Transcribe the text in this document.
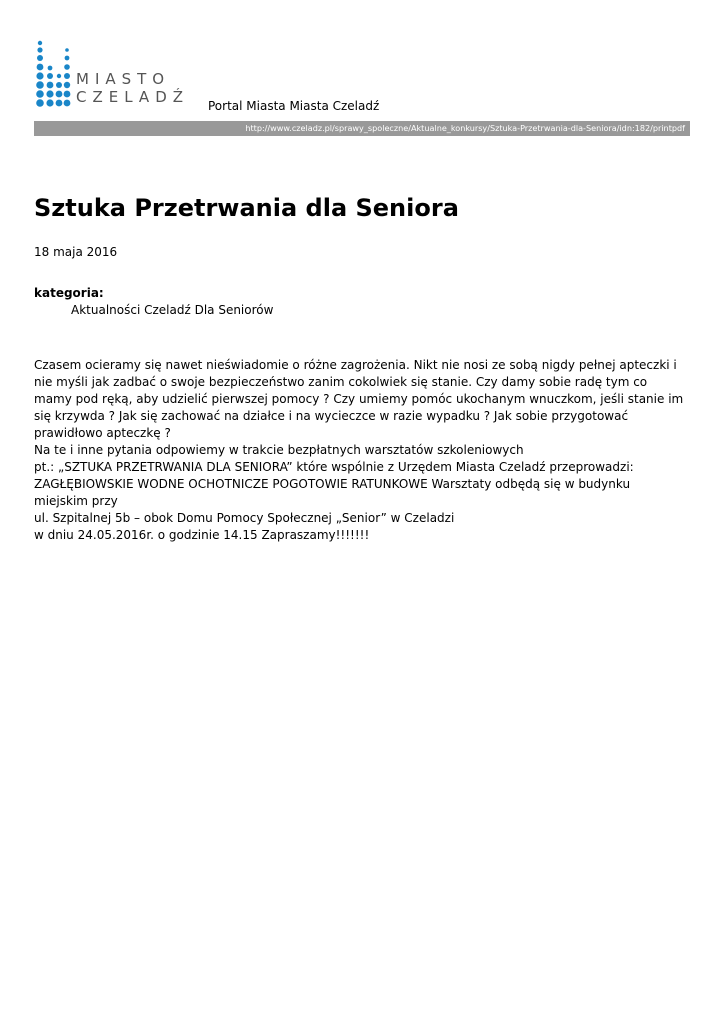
MIASTO
CZELADŹ Portal Miasta Miasta Czeladź
http://www.czeladz.pl/sprawy_spoleczne/Aktualne_konkursy/Sztuka-Przetrwania-dla-Seniora/idn:182/printpdf
Sztuka Przetrwania dla Seniora
18 maja 2016
kategoria:
Aktualności Czeladź Dla Seniorów
Czasem ocieramy się nawet nieświadomie o różne zagrożenia. Nikt nie nosi ze sobą nigdy pełnej apteczki i
nie myśli jak zadbać o swoje bezpieczeństwo zanim cokolwiek się stanie. Czy damy sobie radę tym co
mamy pod ręką, aby udzielić pierwszej pomocy ? Czy umiemy pomóc ukochanym wnuczkom, jeśli stanie im
się krzywda ? Jak się zachować na działce i na wycieczce w razie wypadku ? Jak sobie przygotować
prawidłowo apteczkę ?
Na te i inne pytania odpowiemy w trakcie bezpłatnych warsztatów szkoleniowych
pt.: „SZTUKA PRZETRWANIA DLA SENIORA” które wspólnie z Urzędem Miasta Czeladź przeprowadzi:
ZAGŁĘBIOWSKIE WODNE OCHOTNICZE POGOTOWIE RATUNKOWE Warsztaty odbędą się w budynku
miejskim przy
ul. Szpitalnej 5b – obok Domu Pomocy Społecznej „Senior” w Czeladzi
w dniu 24.05.2016r. o godzinie 14.15 Zapraszamy!!!!!!!
